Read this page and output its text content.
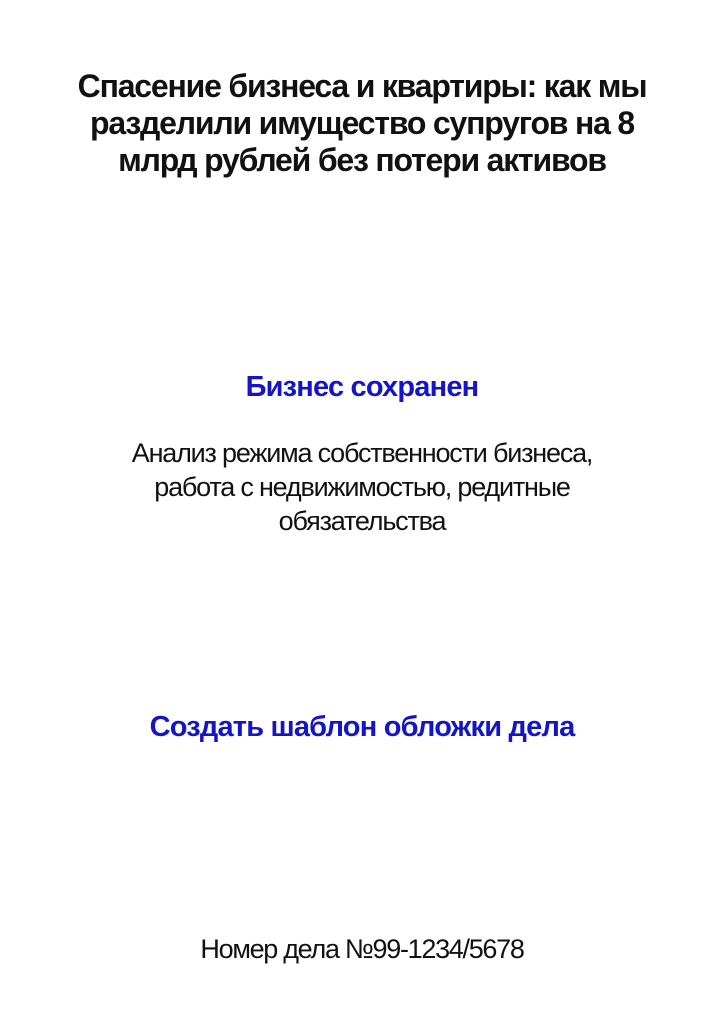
Спасение бизнеса и квартиры: как мы разделили имущество супругов на 8 млрд рублей без потери активов
Бизнес сохранен
Анализ режима собственности бизнеса, работа с недвижимостью, редитные обязательства
Создать шаблон обложки дела
Номер дела №99-1234/5678
